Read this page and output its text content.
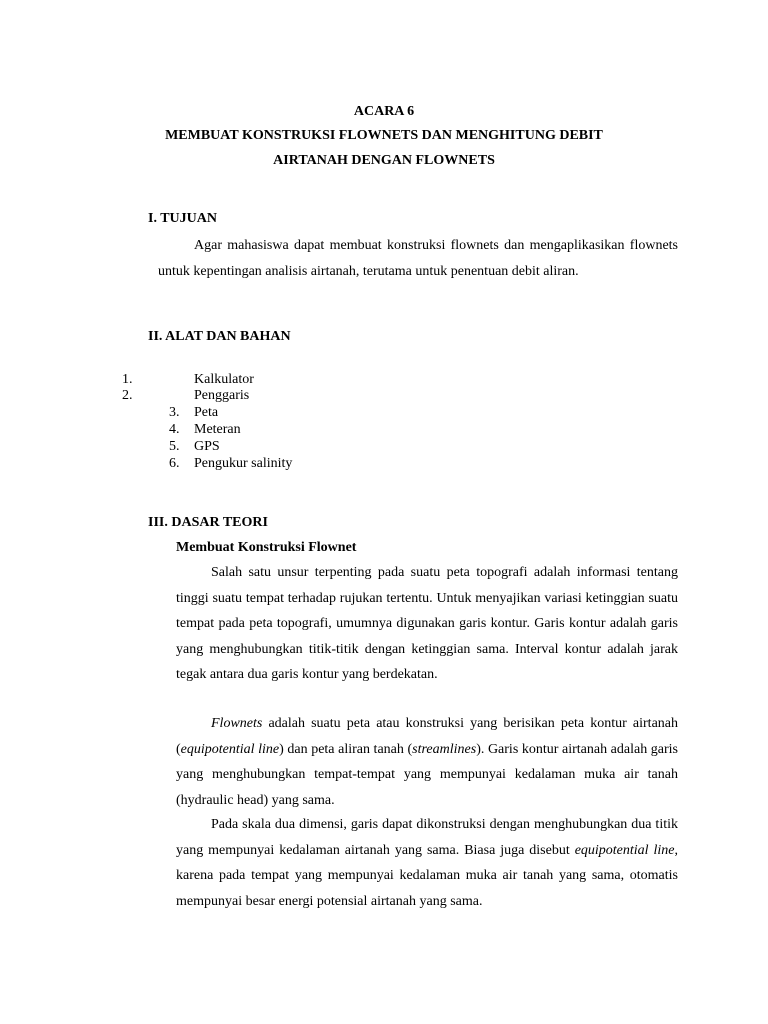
ACARA 6
MEMBUAT KONSTRUKSI FLOWNETS DAN MENGHITUNG DEBIT
AIRTANAH DENGAN FLOWNETS
I. TUJUAN

Agar mahasiswa dapat membuat konstruksi flownets dan mengaplikasikan flownets untuk kepentingan analisis airtanah, terutama untuk penentuan debit aliran.

II. ALAT DAN BAHAN
1.	Kalkulator
2.	Penggaris
3. Peta
4. Meteran
5. GPS
6. Pengukur salinity
III. DASAR TEORI
Membuat Konstruksi Flownet

Salah satu unsur terpenting pada suatu peta topografi adalah informasi tentang tinggi suatu tempat terhadap rujukan tertentu. Untuk menyajikan variasi ketinggian suatu tempat pada peta topografi, umumnya digunakan garis kontur. Garis kontur adalah garis yang menghubungkan titik-titik dengan ketinggian sama. Interval kontur adalah jarak tegak antara dua garis kontur yang berdekatan.

Flownets adalah suatu peta atau konstruksi yang berisikan peta kontur airtanah (equipotential line) dan peta aliran tanah (streamlines). Garis kontur airtanah adalah garis yang menghubungkan tempat-tempat yang mempunyai kedalaman muka air tanah (hydraulic head) yang sama.

Pada skala dua dimensi, garis dapat dikonstruksi dengan menghubungkan dua titik yang mempunyai kedalaman airtanah yang sama. Biasa juga disebut equipotential line, karena pada tempat yang mempunyai kedalaman muka air tanah yang sama, otomatis mempunyai besar energi potensial airtanah yang sama.
